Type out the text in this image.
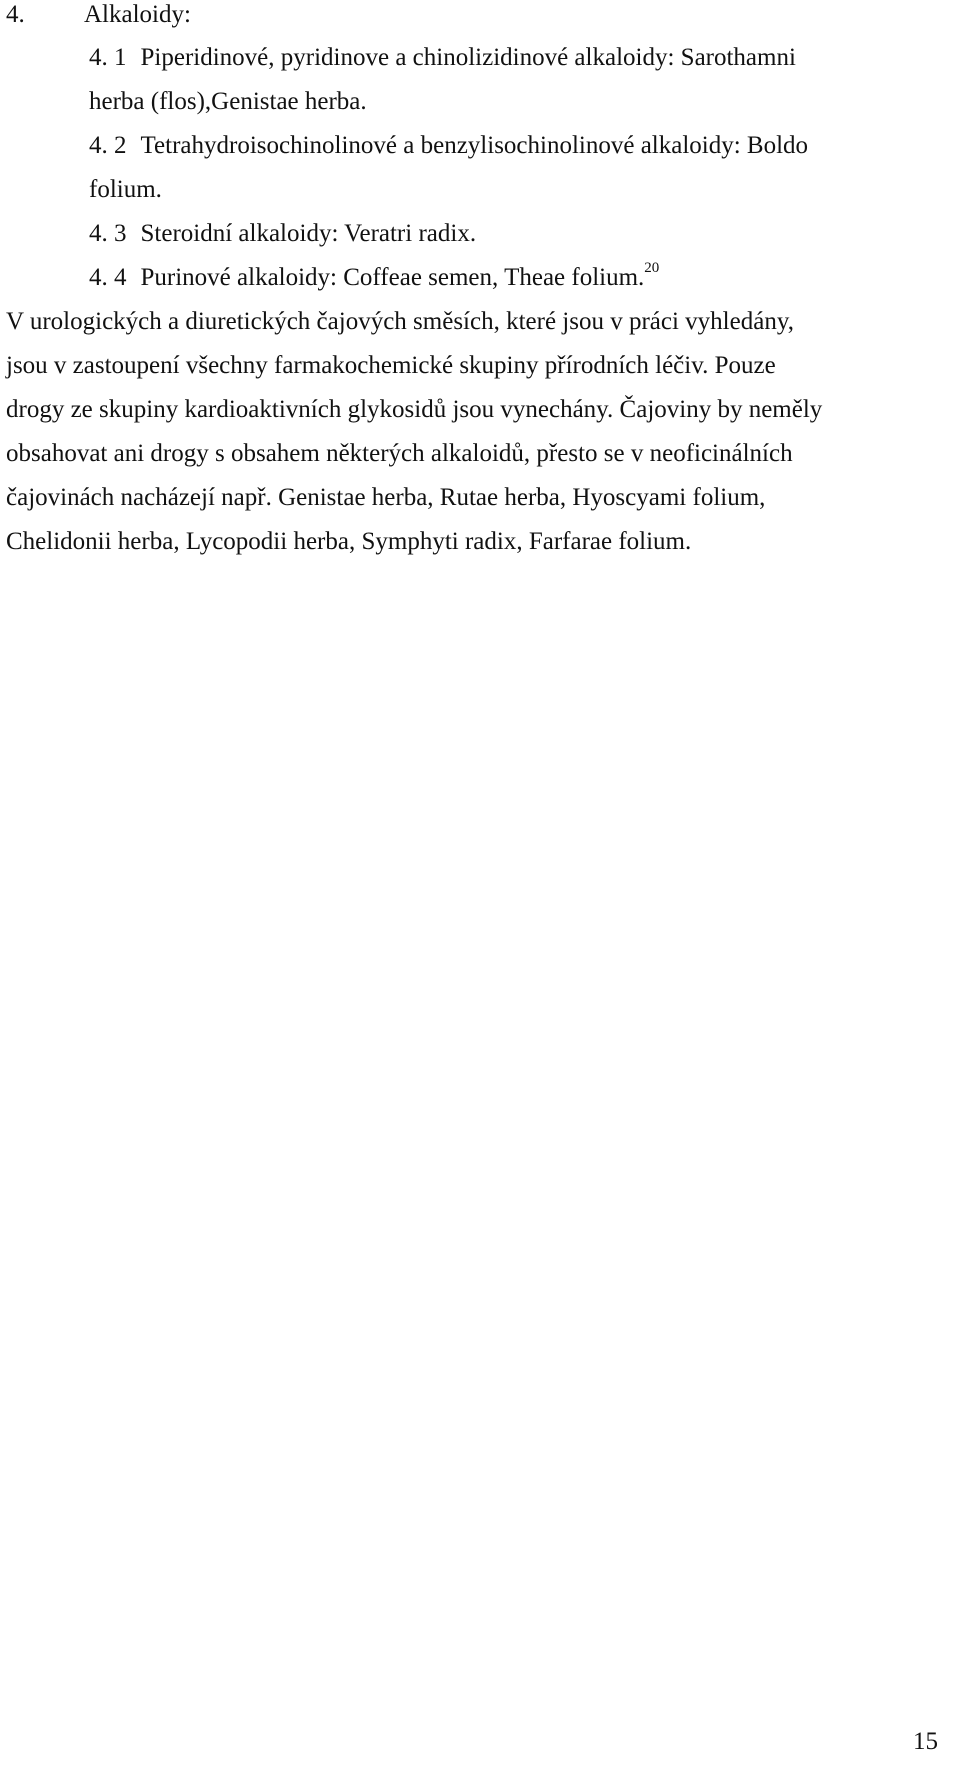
4. Alkaloidy:
4. 1 Piperidinové, pyridinove a chinolizidinové alkaloidy: Sarothamni
herba (flos),Genistae herba.
4. 2 Tetrahydroisochinolinové a benzylisochinolinové alkaloidy: Boldo
folium.
4. 3 Steroidní alkaloidy: Veratri radix.
4. 4 Purinové alkaloidy: Coffeae semen, Theae folium.$^{20}$
V urologických a diuretických čajových směsích, které jsou v práci vyhledány,
jsou v zastoupení všechny farmakochemické skupiny přírodních léčiv. Pouze
drogy ze skupiny kardioaktivních glykosidů jsou vynechány. Čajoviny by neměly
obsahovat ani drogy s obsahem některých alkaloidů, přesto se v neoficinálních
čajovinách nacházejí např. Genistae herba, Rutae herba, Hyoscyami folium,
Chelidonii herba, Lycopodii herba, Symphyti radix, Farfarae folium.
15
